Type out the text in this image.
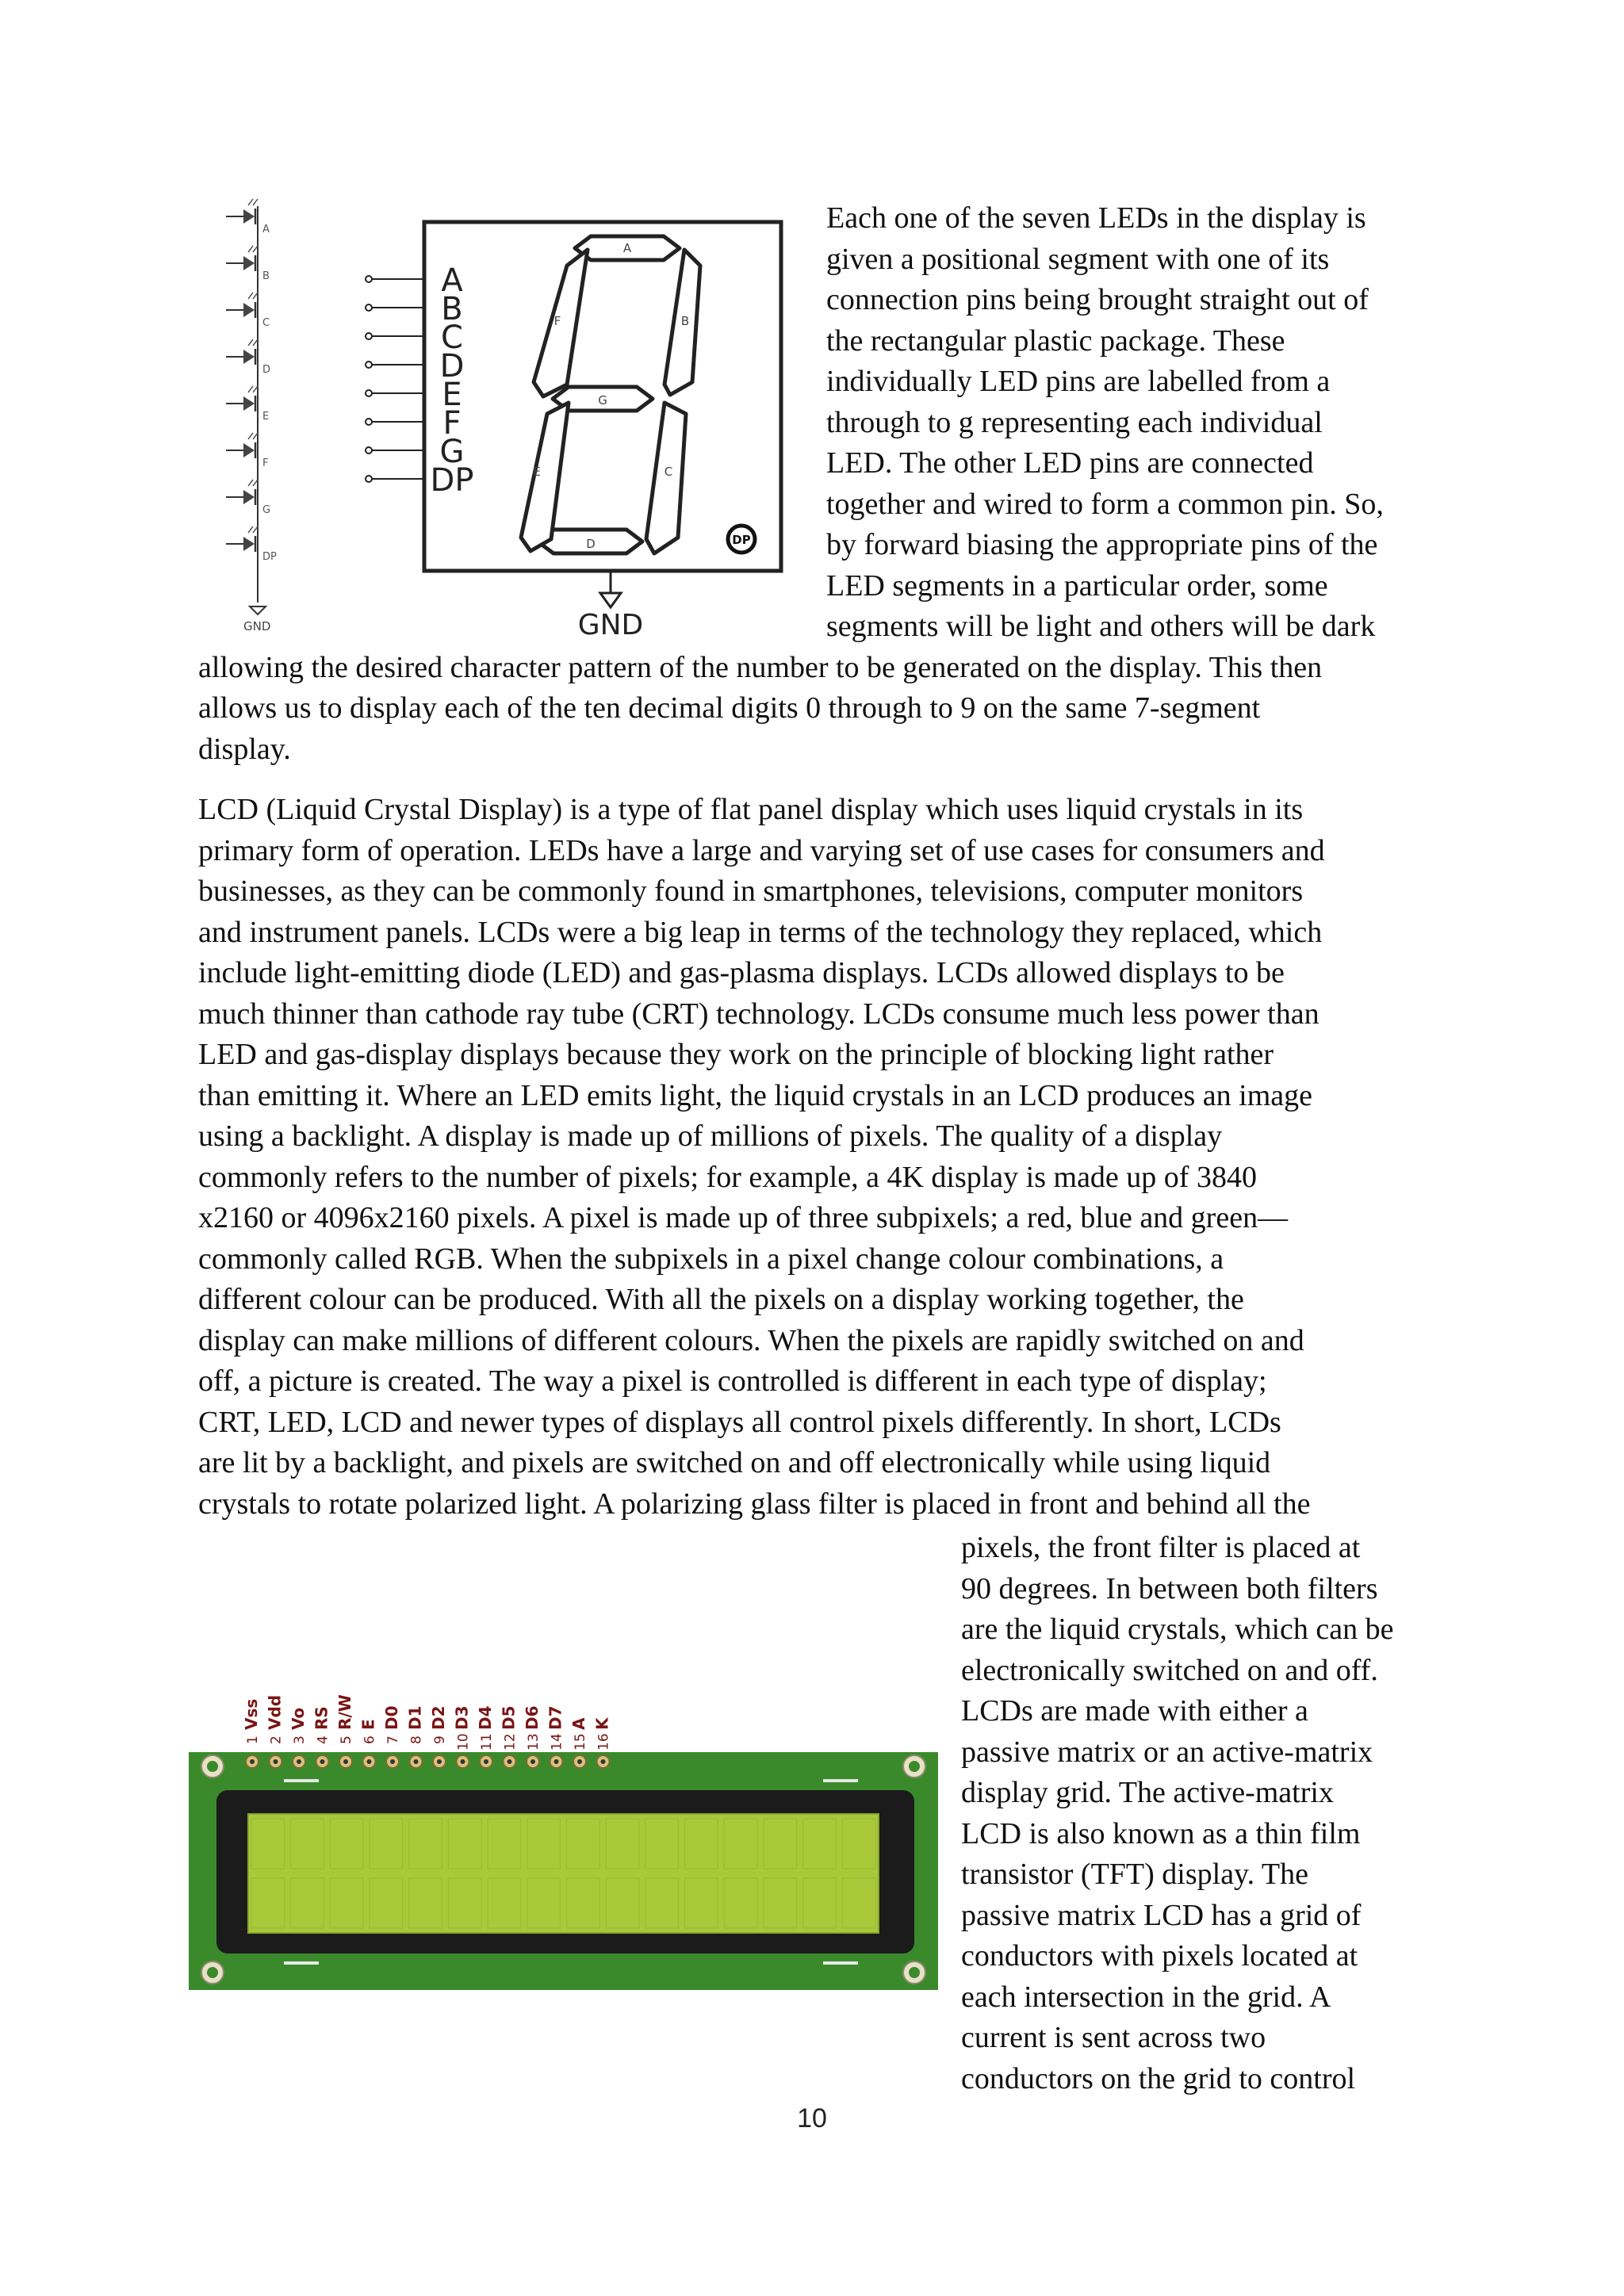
A
B
C
D
E
F
G
DP
GND
A
B
C
D
E
F
G
DP
A
G
D
F	B
E	C
DP
GND
Each one of the seven LEDs in the display is
given a positional segment with one of its
connection pins being brought straight out of
the rectangular plastic package. These
individually LED pins are labelled from a
through to g representing each individual
LED. The other LED pins are connected
together and wired to form a common pin. So,
by forward biasing the appropriate pins of the
LED segments in a particular order, some
segments will be light and others will be dark
allowing the desired character pattern of the number to be generated on the display. This then
allows us to display each of the ten decimal digits 0 through to 9 on the same 7-segment
display.
LCD (Liquid Crystal Display) is a type of flat panel display which uses liquid crystals in its
primary form of operation. LEDs have a large and varying set of use cases for consumers and
businesses, as they can be commonly found in smartphones, televisions, computer monitors
and instrument panels. LCDs were a big leap in terms of the technology they replaced, which
include light-emitting diode (LED) and gas-plasma displays. LCDs allowed displays to be
much thinner than cathode ray tube (CRT) technology. LCDs consume much less power than
LED and gas-display displays because they work on the principle of blocking light rather
than emitting it. Where an LED emits light, the liquid crystals in an LCD produces an image
using a backlight. A display is made up of millions of pixels. The quality of a display
commonly refers to the number of pixels; for example, a 4K display is made up of 3840
x2160 or 4096x2160 pixels. A pixel is made up of three subpixels; a red, blue and green—
commonly called RGB. When the subpixels in a pixel change colour combinations, a
different colour can be produced. With all the pixels on a display working together, the
display can make millions of different colours. When the pixels are rapidly switched on and
off, a picture is created. The way a pixel is controlled is different in each type of display;
CRT, LED, LCD and newer types of displays all control pixels differently. In short, LCDs
are lit by a backlight, and pixels are switched on and off electronically while using liquid
crystals to rotate polarized light. A polarizing glass filter is placed in front and behind all the
Vss
1
Vdd
2
Vo
3
RS
4
R/W
5
E
6
D0
7
D1
8
D2
9
D3
10
D4
11
D5
12
D6
13
D7
14
A
15
K
16
pixels, the front filter is placed at
90 degrees. In between both filters
are the liquid crystals, which can be
electronically switched on and off.
LCDs are made with either a
passive matrix or an active-matrix
display grid. The active-matrix
LCD is also known as a thin film
transistor (TFT) display. The
passive matrix LCD has a grid of
conductors with pixels located at
each intersection in the grid. A
current is sent across two
conductors on the grid to control
10
